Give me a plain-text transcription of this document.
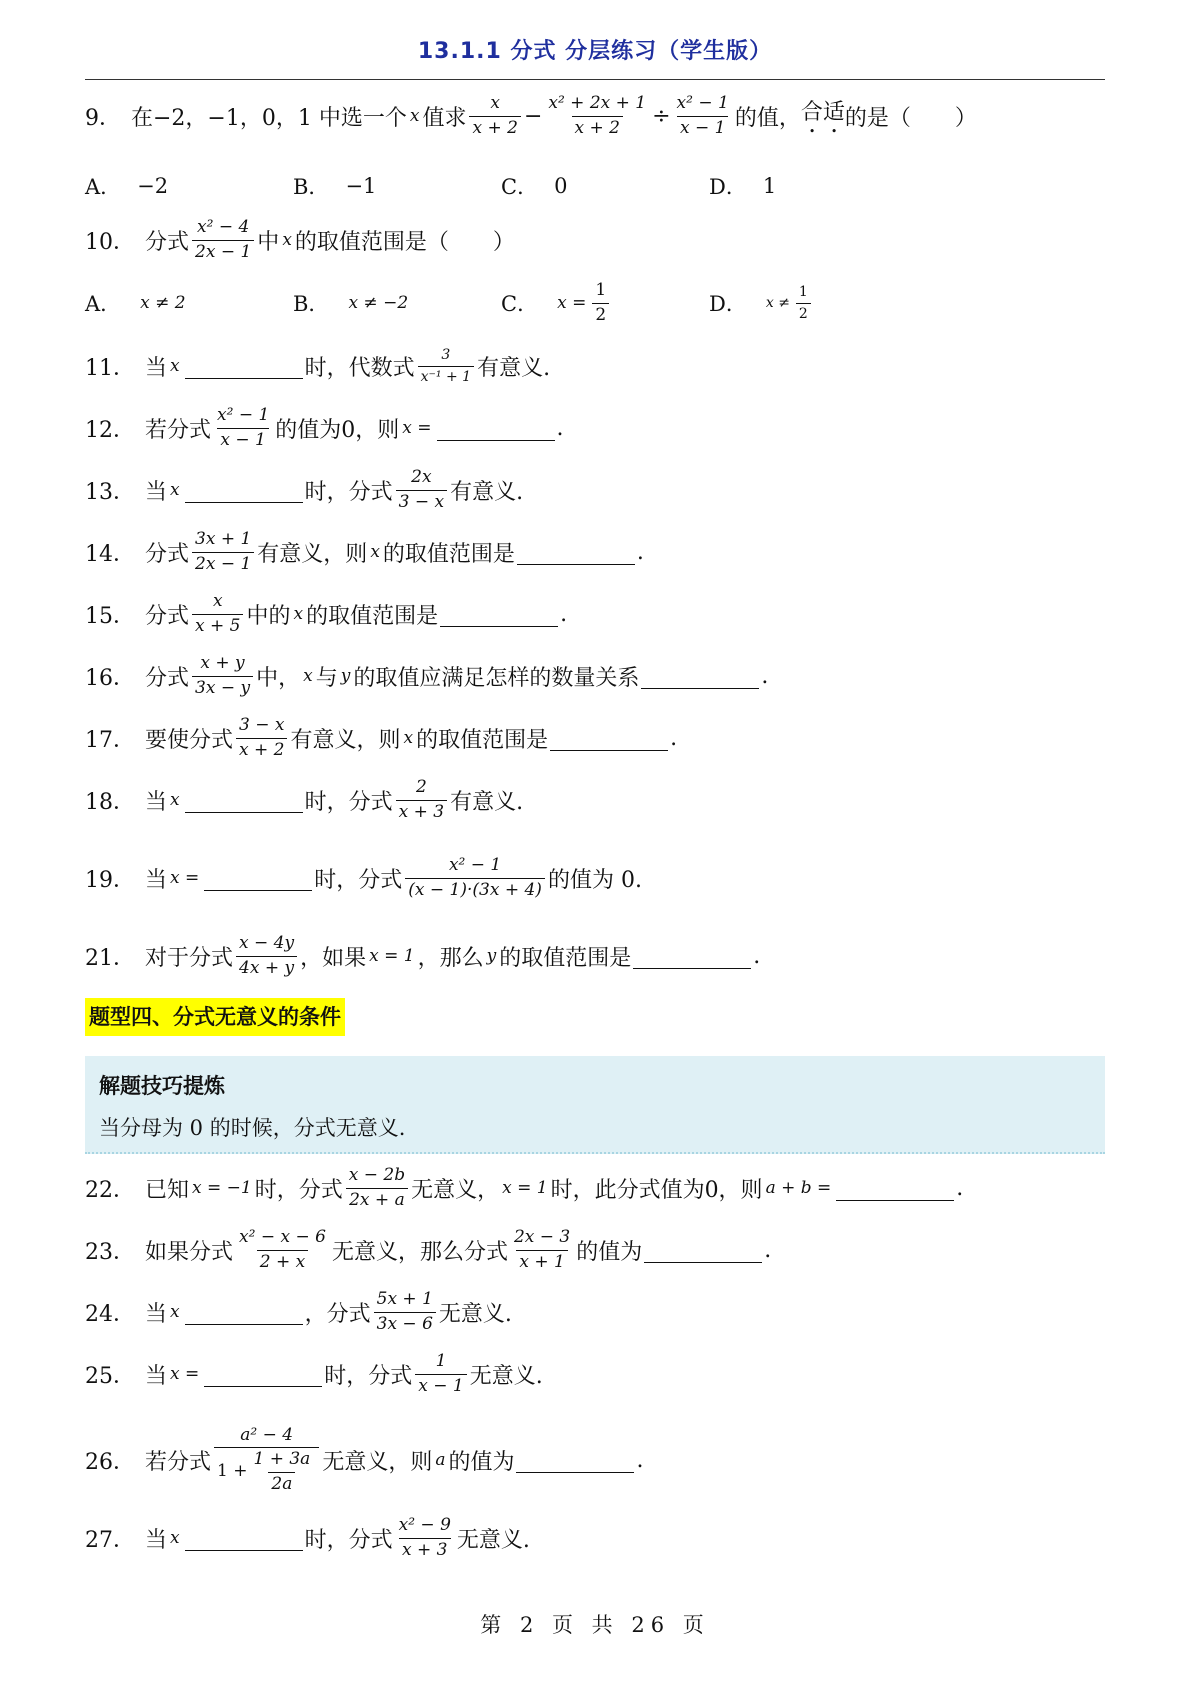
13.1.1 分式 分层练习（学生版）
9． 在−2，−1，0，1 中选一个 x 值求 $\frac{x}{x + 2} - \frac{\text{x² + 2x + 1}}{x + 2} \div \frac{\text{x² − 1}}{x - 1}$ 的值， 合适 的是（　　）
A． −2	B． −1	C． 0	D． 1
10． 分式 $\frac{\text{x² − 4}}{2x - 1}$ 中 x 的取值范围是（　　）
A． x ≠ 2	B． x ≠ −2	C． $x = \frac{1}{2}$	D． $x \ne \frac{1}{2}$
11． 当 x	时，代数式 $\frac{3}{\text{x⁻¹ + 1}}$ 有意义.
12． 若分式 $\frac{\text{x² − 1}}{x - 1}$ 的值为0，则 x =	.
13． 当 x	时，分式 $\frac{2x}{3 - x}$ 有意义.
14． 分式 $\frac{3x + 1}{2x - 1}$ 有意义，则 x 的取值范围是	.
15． 分式 $\frac{x}{x + 5}$ 中的 x 的取值范围是	.
16． 分式 $\frac{x + y}{3x - y}$ 中， x 与 y 的取值应满足怎样的数量关系	.
17． 要使分式 $\frac{3 - x}{x + 2}$ 有意义，则 x 的取值范围是	.
18． 当 x	时，分式 $\frac{2}{x + 3}$ 有意义.
19． 当 x =	时，分式 $\frac{\text{x² − 1}}{(x - 1)\cdot(3x + 4)}$ 的值为 0.
21． 对于分式 $\frac{x - 4y}{4x + y}$ ，如果 x = 1 ，那么 y 的取值范围是	.
题型四、分式无意义的条件
解题技巧提炼
当分母为 0 的时候，分式无意义.
22． 已知 x = −1 时，分式 $\frac{x - 2b}{2x + a}$ 无意义， x = 1 时，此分式值为0，则 a + b =	.
23． 如果分式 $\frac{\text{x² − x − 6}}{2 + x}$ 无意义，那么分式 $\frac{2x - 3}{x + 1}$ 的值为	.
24． 当 x	，分式 $\frac{5x + 1}{3x - 6}$ 无意义.
25． 当 x =	时，分式 $\frac{1}{x - 1}$ 无意义.
26． 若分式 $\frac{\text{a² − 4}}{1 + \frac{1 + 3a}{2a}}$ 无意义，则 a 的值为	.
27． 当 x	时，分式 $\frac{\text{x² − 9}}{x + 3}$ 无意义.
第 2 页 共 26 页
